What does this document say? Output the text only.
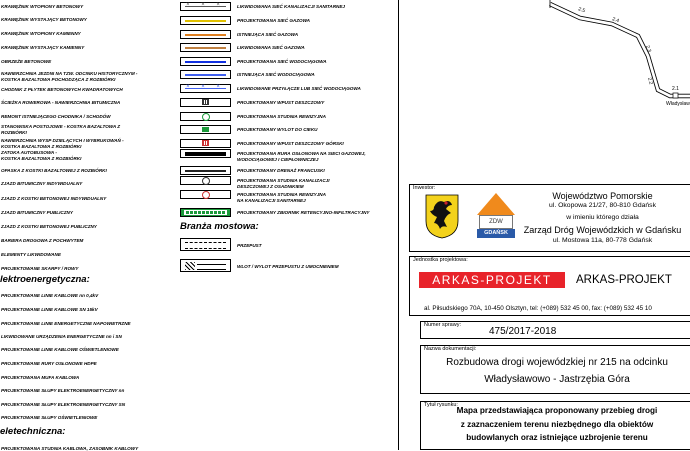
KRAWĘŻNIK WTOPIONY BETONOWY
KRAWĘŻNIK WYSTAJĄCY BETONOWY
KRAWĘŻNIK WTOPIONY KAMIENNY
KRAWĘŻNIK WYSTAJĄCY KAMIENNY
OBRZEŻE BETONOWE
NAWIERZCHNIA JEZDNI NA TZW. ODCINKU HISTORYCZNYM -
KOSTKA BAZALTOWA POCHODZĄCA Z ROZBIÓRKI
CHODNIK Z PŁYTEK BETONOWYCH KWADRATOWYCH
ŚCIEŻKA ROWEROWA - NAWIERZCHNIA BITUMICZNA
REMONT ISTNIEJĄCEGO CHODNIKA / SCHODÓW
STANOWISKA POSTOJOWE - KOSTKA BAZALTOWA Z
ROZBIÓRKI
NAWIERZCHNIA WYSP DZIELĄCYCH I WYBRUKOWAŃ -
KOSTKA BAZALTOWA Z ROZBIÓRKI
ZATOKA AUTOBUSOWA -
KOSTKA BAZALTOWA Z ROZBIÓRKI
OPASKA Z KOSTKI BAZALTOWEJ Z ROZBIÓRKI
ZJAZD BITUMICZNY INDYWIDUALNY
ZJAZD Z KOSTKI BETONOWEJ INDYWIDUALNY
ZJAZD BITUMICZNY PUBLICZNY
ZJAZD Z KOSTKI BETONOWEJ PUBLICZNY
BARIERA DROGOWA Z POCHWYTEM
ELEMENTY LIKWIDOWANE
PROJEKTOWANE SKARPY / ROWY
PROJEKTOWANE LINIE KABLOWE nn 0,4kV
PROJEKTOWANE LINIE KABLOWE SN 15kV
PROJEKTOWANE LINIE ENERGETYCZNE NAPOWIETRZNE
LIKWIDOWANE URZĄDZENIA ENERGETYCZNE nn i SN
PROJEKTOWANE LINIE KABLOWE OŚWIETLENIOWE
PROJEKTOWANE RURY OSŁONOWE HDPE
PROJEKTOWANA MUFA KABLOWA
PROJEKTOWANE SŁUPY ELEKTROENERGETYCZNY nn
PROJEKTOWANE SŁUPY ELEKTROENERGETYCZNY SN
PROJEKTOWANE SŁUPY OŚWIETLENIOWE
PROJEKTOWANA STUDNIA KABLOWA, ZASOBNIK KABLOWY
lektroenergetyczna:
eletechniczna:
LIKWIDOWANA SIEĆ KANALIZACJI SANITARNEJ
× × ×
PROJEKTOWANA SIEĆ GAZOWA
ISTNIEJĄCA SIEĆ GAZOWA
LIKWIDOWANA SIEĆ GAZOWA
PROJEKTOWANA SIEĆ WODOCIĄGOWA
ISTNIEJĄCA SIEĆ WODOCIĄGOWA
LIKWIDOWANE PRZYŁĄCZE LUB SIEĆ WODOCIĄGOWA
× × ×
PROJEKTOWANY WPUST DESZCZOWY
PROJEKTOWANA STUDNIA REWIZYJNA
PROJEKTOWANY WYLOT DO CIEKU
PROJEKTOWANY WPUST DESZCZOWY GÓRSKI
PROJEKTOWANA RURA OSŁONOWA NA SIECI GAZOWEJ,
WODOCIĄGOWEJ I CIEPŁOWNICZEJ
PROJEKTOWANY DRENAŻ FRANCUSKI
PROJEKTOWANA STUDNIA KANALIZACJI
DESZCZOWEJ Z OSADNIKIEM
PROJEKTOWANA STUDNIA REWIZYJNA
NA KANALIZACJI SANITARNEJ
PROJEKTOWANY ZBIORNIK RETENCYJNO-INFILTRACYJNY
Branża mostowa:
PRZEPUST
WLOT / WYLOT PRZEPUSTU Z UMOCNIENIEM
2.5
2.4
2.3
2.2
2.1
Władysław
Inwestor:
ZDW
GDAŃSK
Województwo Pomorskie
ul. Okopowa 21/27, 80-810 Gdańsk
w imieniu którego działa
Zarząd Dróg Wojewódzkich w Gdańsku
ul. Mostowa 11a, 80-778 Gdańsk
Jednostka projektowa:
ARKAS-PROJEKT	ARKAS-PROJEKT
al. Piłsudskiego 70A, 10-450 Olsztyn, tel: (+089) 532 45 00, fax: (+089) 532 45 10
Numer sprawy:
475/2017-2018
Nazwa dokumentacji:
Rozbudowa drogi wojewódzkiej nr 215 na odcinku
Władysławowo - Jastrzębia Góra
Tytuł rysunku:
Mapa przedstawiająca proponowany przebieg drogi
z zaznaczeniem terenu niezbędnego dla obiektów
budowlanych oraz istniejące uzbrojenie terenu
